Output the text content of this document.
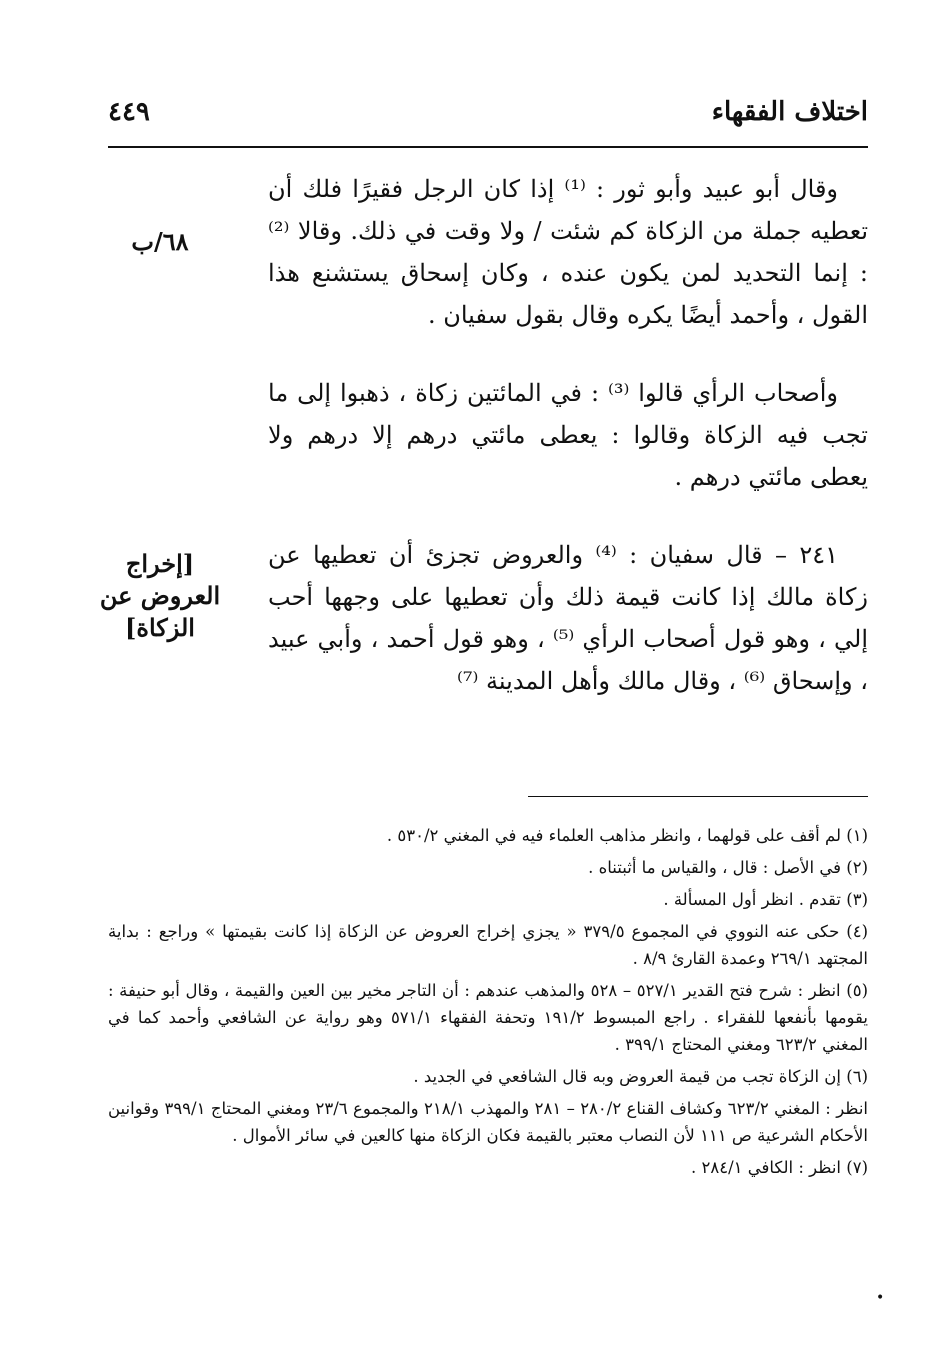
اختلاف الفقهاء
٤٤٩
٦٨/ب
[إخراج
العروض عن
الزكاة]

وقال أبو عبيد وأبو ثور : ⁽¹⁾ إذا كان الرجل فقيرًا فلك أن تعطيه جملة من الزكاة كم شئت / ولا وقت في ذلك. وقالا ⁽²⁾ : إنما التحديد لمن يكون عنده ، وكان إسحاق يستشنع هذا القول ، وأحمد أيضًا يكره وقال بقول سفيان .

وأصحاب الرأي قالوا ⁽³⁾ : في المائتين زكاة ، ذهبوا إلى ما تجب فيه الزكاة وقالوا : يعطى مائتي درهم إلا درهم ولا يعطى مائتي درهم .

٢٤١ – قال سفيان : ⁽⁴⁾ والعروض تجزئ أن تعطيها عن زكاة مالك إذا كانت قيمة ذلك وأن تعطيها على وجهها أحب إلي ، وهو قول أصحاب الرأي ⁽⁵⁾ ، وهو قول أحمد ، وأبي عبيد ، وإسحاق ⁽⁶⁾ ، وقال مالك وأهل المدينة ⁽⁷⁾

(١) لم أقف على قولهما ، وانظر مذاهب العلماء فيه في المغني ٥٣٠/٢ .

(٢) في الأصل : قال ، والقياس ما أثبتناه .

(٣) تقدم . انظر أول المسألة .

(٤) حكى عنه النووي في المجموع ٣٧٩/٥ « يجزي إخراج العروض عن الزكاة إذا كانت بقيمتها » وراجع : بداية المجتهد ٢٦٩/١ وعمدة القارئ ٨/٩ .

(٥) انظر : شرح فتح القدير ٥٢٧/١ – ٥٢٨ والمذهب عندهم : أن التاجر مخير بين العين والقيمة ، وقال أبو حنيفة : يقومها بأنفعها للفقراء . راجع المبسوط ١٩١/٢ وتحفة الفقهاء ٥٧١/١ وهو رواية عن الشافعي وأحمد كما في المغني ٦٢٣/٢ ومغني المحتاج ٣٩٩/١ .

(٦) إن الزكاة تجب من قيمة العروض وبه قال الشافعي في الجديد .

انظر : المغني ٦٢٣/٢ وكشاف القناع ٢٨٠/٢ – ٢٨١ والمهذب ٢١٨/١ والمجموع ٢٣/٦ ومغني المحتاج ٣٩٩/١ وقوانين الأحكام الشرعية ص ١١١ لأن النصاب معتبر بالقيمة فكان الزكاة منها كالعين في سائر الأموال .

(٧) انظر : الكافي ٢٨٤/١ .

•
